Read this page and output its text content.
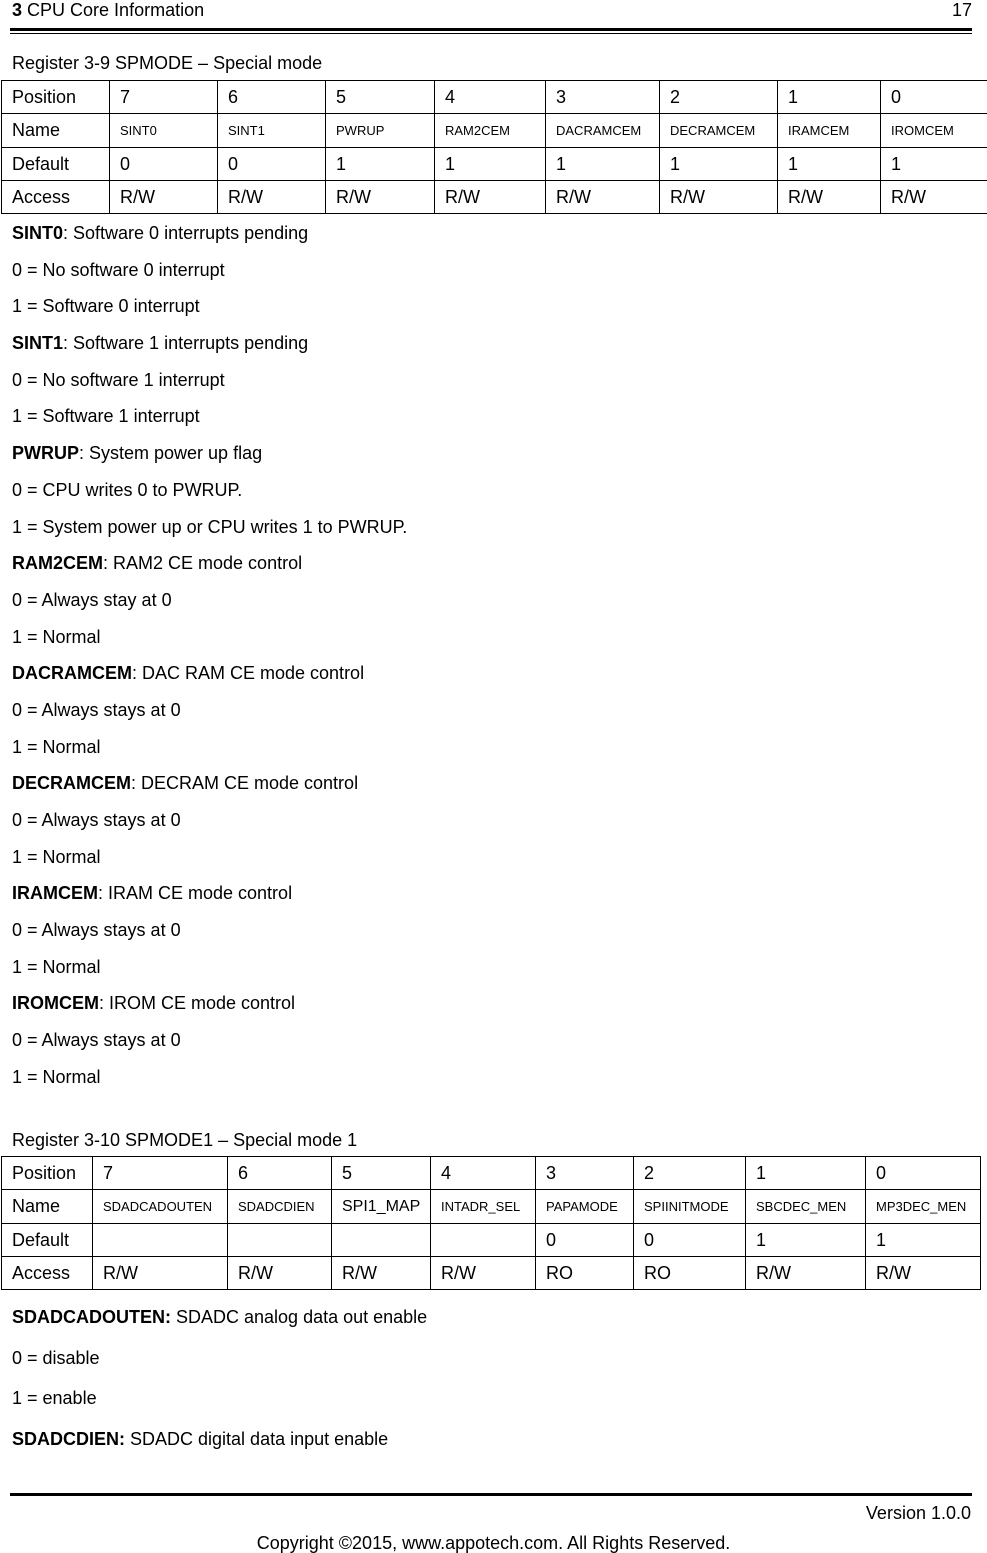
3 CPU Core Information	17
Register 3-9 SPMODE – Special mode
Position	7	6	5	4	3	2	1	0
Name	SINT0	SINT1	PWRUP	RAM2CEM	DACRAMCEM	DECRAMCEM	IRAMCEM	IROMCEM
Default	0	0	1	1	1	1	1	1
Access	R/W	R/W	R/W	R/W	R/W	R/W	R/W	R/W

SINT0: Software 0 interrupts pending

0 = No software 0 interrupt

1 = Software 0 interrupt

SINT1: Software 1 interrupts pending

0 = No software 1 interrupt

1 = Software 1 interrupt

PWRUP: System power up flag

0 = CPU writes 0 to PWRUP.

1 = System power up or CPU writes 1 to PWRUP.

RAM2CEM: RAM2 CE mode control

0 = Always stay at 0

1 = Normal

DACRAMCEM: DAC RAM CE mode control

0 = Always stays at 0

1 = Normal

DECRAMCEM: DECRAM CE mode control

0 = Always stays at 0

1 = Normal

IRAMCEM: IRAM CE mode control

0 = Always stays at 0

1 = Normal

IROMCEM: IROM CE mode control

0 = Always stays at 0

1 = Normal

Register 3-10 SPMODE1 – Special mode 1
Position	7	6	5	4	3	2	1	0
Name	SDADCADOUTEN	SDADCDIEN	SPI1_MAP	INTADR_SEL	PAPAMODE	SPIINITMODE	SBCDEC_MEN	MP3DEC_MEN
Default					0	0	1	1
Access	R/W	R/W	R/W	R/W	RO	RO	R/W	R/W

SDADCADOUTEN: SDADC analog data out enable

0 = disable

1 = enable

SDADCDIEN: SDADC digital data input enable

Version 1.0.0
Copyright ©2015, www.appotech.com. All Rights Reserved.
